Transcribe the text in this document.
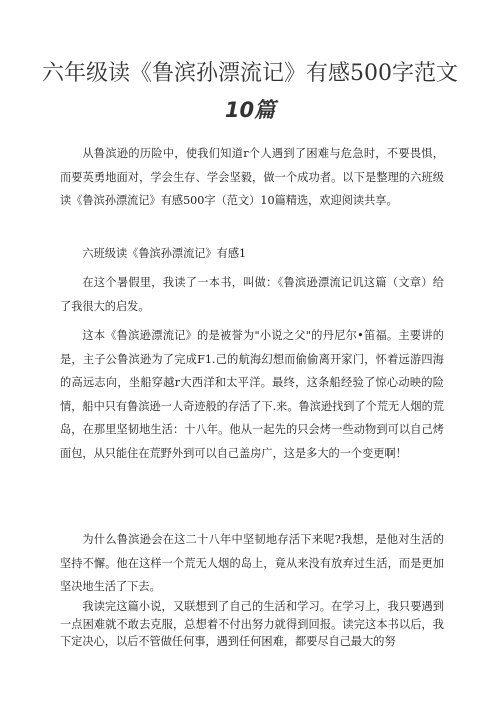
六年级读《鲁滨孙漂流记》有感500字范文
10篇

从鲁滨逊的历险中，使我们知道r个人遇到了困难与危急时，不要畏惧，而要英勇地面对，学会生存、学会坚毅，做一个成功者。以下是整理的六班级读《鲁滨孙漂流记》有感500字（范文）10篇精选，欢迎阅读共享。

六班级读《鲁滨孙漂流记》有感1

在这个暑假里，我读了一本书，叫做：《鲁滨逊漂流记讥这篇（文章）给了我很大的启发。

这本《鲁滨逊漂流记》的是被誉为"小说之父"的丹尼尔•笛福。主要讲的是，主子公鲁滨逊为了完成F1.己的航海幻想而偷偷离开家门，怀着远游四海的高远志向，坐船穿越r大西洋和太平洋。最终，这条船经验了惊心动映的险情，船中只有鲁滨逊一人奇迹般的存活了下.来。鲁滨逊找到了个荒无人烟的荒岛，在那里坚韧地生活：十八年。他从一起先的只会烤一些动物到可以自己烤面包，从只能住在荒野外到可以自己盖房广，这是多大的一个变更啊！

为什么鲁滨逊会在这二十八年中坚韧地存活下来呢?我想，是他对生活的坚持不懈。他在这样一个荒无人烟的岛上，竟从来没有放弃过生活，而是更加坚决地生活了下去。

我读完这篇小说，又联想到了自己的生活和学习。在学习上，我只要遇到一点困难就不敢去克服，总想着不付出努力就得到回报。读完这本书以后，我下定决心，以后不管做任何事，遇到任何困难，都要尽自己最大的努
